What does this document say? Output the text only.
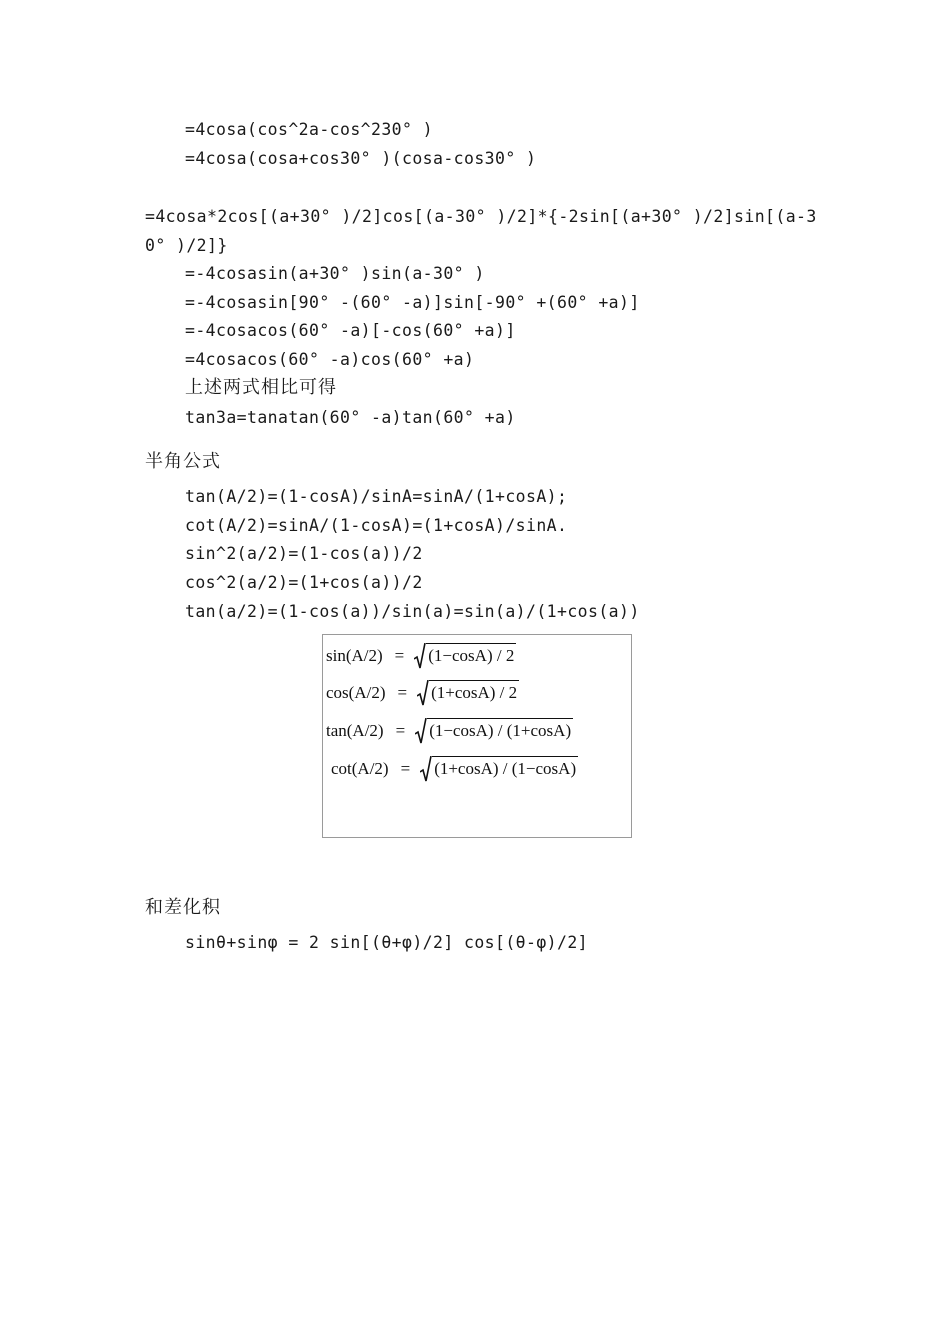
=4cosa(cos^2a-cos^230° )
=4cosa(cosa+cos30° )(cosa-cos30° )
=4cosa*2cos[(a+30° )/2]cos[(a-30° )/2]*{-2sin[(a+30° )/2]sin[(a-3
0° )/2]}
=-4cosasin(a+30° )sin(a-30° )
=-4cosasin[90° -(60° -a)]sin[-90° +(60° +a)]
=-4cosacos(60° -a)[-cos(60° +a)]
=4cosacos(60° -a)cos(60° +a)
上述两式相比可得
tan3a=tanatan(60° -a)tan(60° +a)
半角公式
tan(A/2)=(1-cosA)/sinA=sinA/(1+cosA);
cot(A/2)=sinA/(1-cosA)=(1+cosA)/sinA.
sin^2(a/2)=(1-cos(a))/2
cos^2(a/2)=(1+cos(a))/2
tan(a/2)=(1-cos(a))/sin(a)=sin(a)/(1+cos(a))
sin(A/2) = (1−cosA) / 2
cos(A/2) = (1+cosA) / 2
tan(A/2) = (1−cosA) / (1+cosA)
cot(A/2) = (1+cosA) / (1−cosA)
和差化积
sinθ+sinφ = 2 sin[(θ+φ)/2] cos[(θ-φ)/2]
